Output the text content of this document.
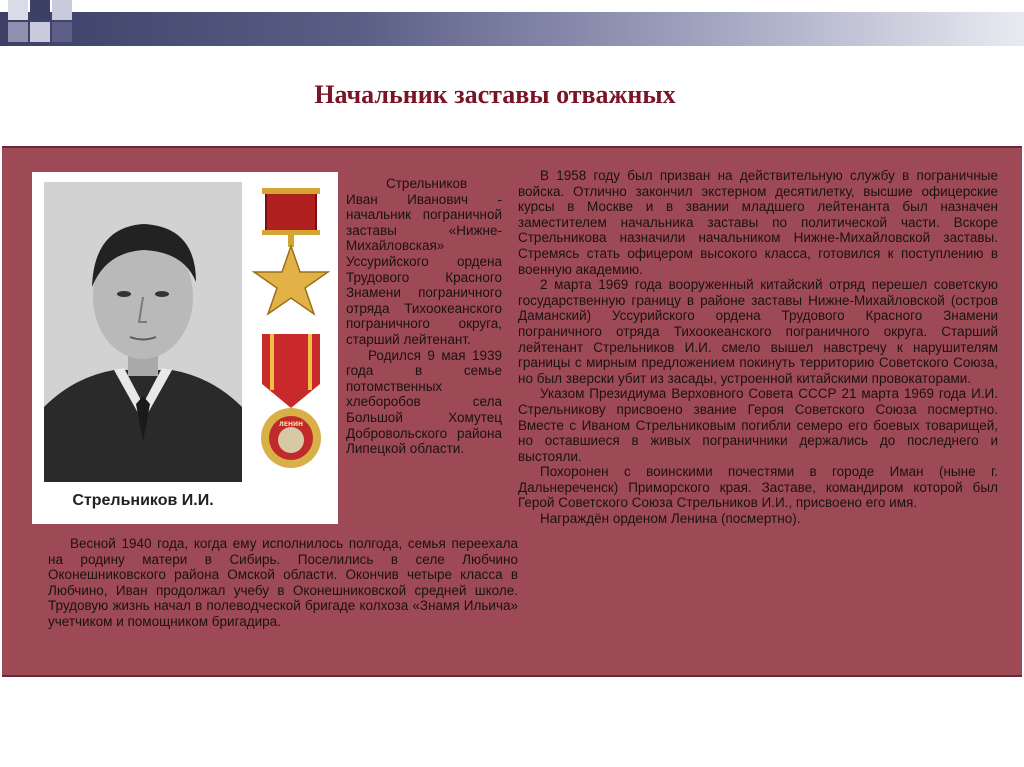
Начальник заставы отважных
Стрельников И.И.
ЛЕНИН

Стрельников Иван Иванович - начальник пограничной заставы «Нижне-Михайловская» Уссурийского ордена Трудового Красного Знамени пограничного отряда Тихоокеанского пограничного округа, старший лейтенант.

Родился 9 мая 1939 года в семье потомственных хлеборобов села Большой Хомутец Добровольского района Липецкой области.

Весной 1940 года, когда ему исполнилось полгода, семья переехала на родину матери в Сибирь. Поселились в селе Любчино Оконешниковского района Омской области. Окончив четыре класса в Любчино, Иван продолжал учебу в Оконешниковской средней школе. Трудовую жизнь начал в полеводческой бригаде колхоза «Знамя Ильича» учетчиком и помощником бригадира.

В 1958 году был призван на действительную службу в пограничные войска. Отлично закончил экстерном десятилетку, высшие офицерские курсы в Москве и в звании младшего лейтенанта был назначен заместителем начальника заставы по политической части. Вскоре Стрельникова назначили начальником Нижне-Михайловской заставы. Стремясь стать офицером высокого класса, готовился к поступлению в военную академию.

2 марта 1969 года вооруженный китайский отряд перешел советскую государственную границу в районе заставы Нижне-Михайловской (остров Даманский) Уссурийского ордена Трудового Красного Знамени пограничного отряда Тихоокеанского пограничного округа. Старший лейтенант Стрельников И.И. смело вышел навстречу к нарушителям границы с мирным предложением покинуть территорию Советского Союза, но был зверски убит из засады, устроенной китайскими провокаторами.

Указом Президиума Верховного Совета СССР 21 марта 1969 года И.И. Стрельникову присвоено звание Героя Советского Союза посмертно. Вместе с Иваном Стрельниковым погибли семеро его боевых товарищей, но оставшиеся в живых пограничники держались до последнего и выстояли.

Похоронен с воинскими почестями в городе Иман (ныне г. Дальнереченск) Приморского края. Заставе, командиром которой был Герой Советского Союза Стрельников И.И., присвоено его имя.

Награждён орденом Ленина (посмертно).
